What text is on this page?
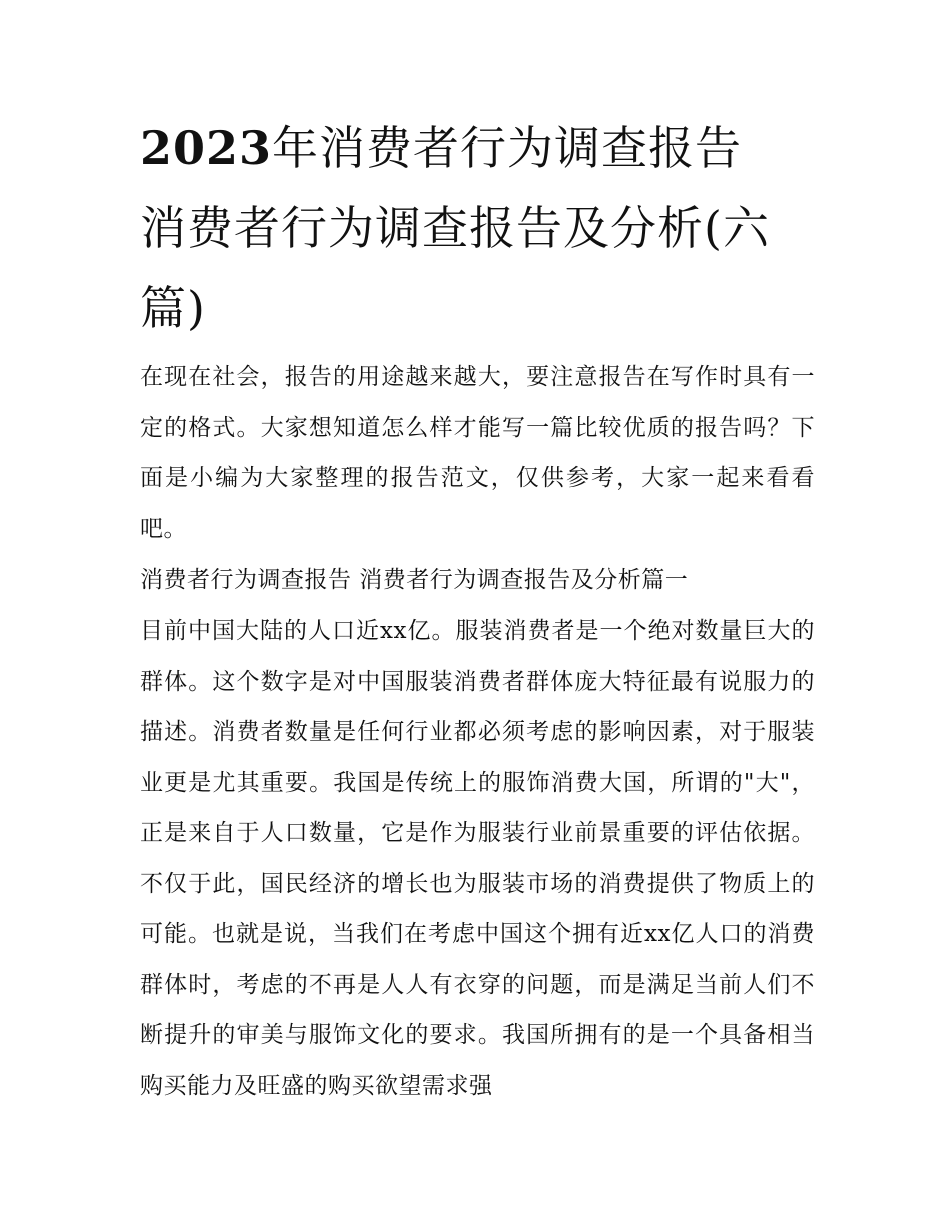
2023年消费者行为调查报告
消费者行为调查报告及分析(六篇)

在现在社会，报告的用途越来越大，要注意报告在写作时具有一定的格式。大家想知道怎么样才能写一篇比较优质的报告吗？下面是小编为大家整理的报告范文，仅供参考，大家一起来看看吧。

消费者行为调查报告 消费者行为调查报告及分析篇一

目前中国大陆的人口近xx亿。服装消费者是一个绝对数量巨大的群体。这个数字是对中国服装消费者群体庞大特征最有说服力的描述。消费者数量是任何行业都必须考虑的影响因素，对于服装业更是尤其重要。我国是传统上的服饰消费大国，所谓的"大"，正是来自于人口数量，它是作为服装行业前景重要的评估依据。不仅于此，国民经济的增长也为服装市场的消费提供了物质上的可能。也就是说，当我们在考虑中国这个拥有近xx亿人口的消费群体时，考虑的不再是人人有衣穿的问题，而是满足当前人们不断提升的审美与服饰文化的要求。我国所拥有的是一个具备相当购买能力及旺盛的购买欲望需求强
